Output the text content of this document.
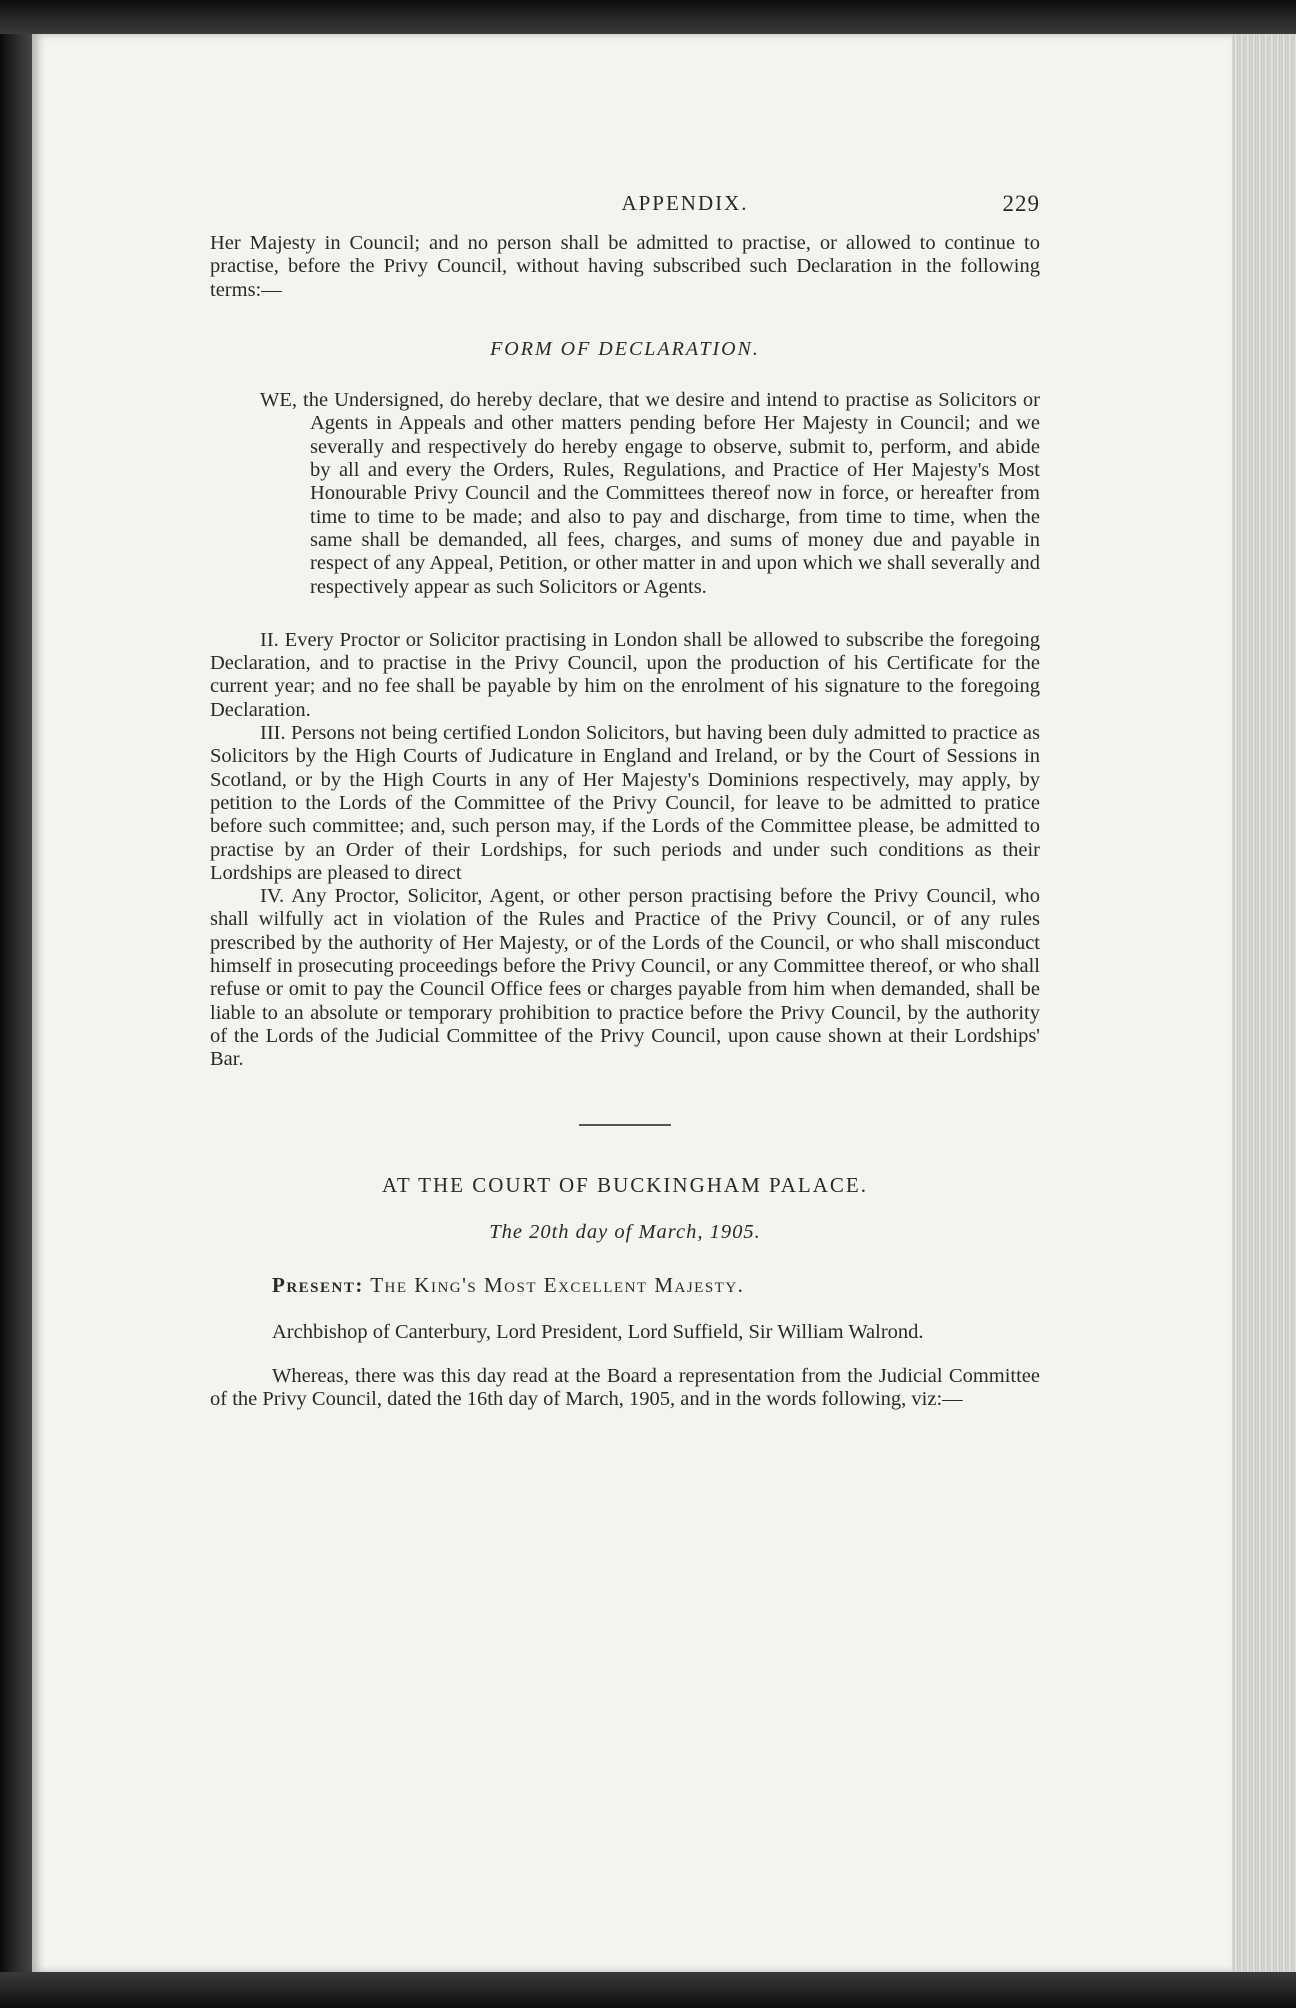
APPENDIX.	229

Her Majesty in Council; and no person shall be admitted to practise, or allowed to continue to practise, before the Privy Council, without having subscribed such Declaration in the following terms:—

FORM OF DECLARATION.

WE, the Undersigned, do hereby declare, that we desire and intend to practise as Solicitors or Agents in Appeals and other matters pending before Her Majesty in Council; and we severally and respectively do hereby engage to observe, submit to, perform, and abide by all and every the Orders, Rules, Regulations, and Practice of Her Majesty's Most Honourable Privy Council and the Committees thereof now in force, or hereafter from time to time to be made; and also to pay and discharge, from time to time, when the same shall be demanded, all fees, charges, and sums of money due and payable in respect of any Appeal, Petition, or other matter in and upon which we shall severally and respectively appear as such Solicitors or Agents.

II. Every Proctor or Solicitor practising in London shall be allowed to subscribe the foregoing Declaration, and to practise in the Privy Council, upon the production of his Certificate for the current year; and no fee shall be payable by him on the enrolment of his signature to the foregoing Declaration.

III. Persons not being certified London Solicitors, but having been duly admitted to practice as Solicitors by the High Courts of Judicature in England and Ireland, or by the Court of Sessions in Scotland, or by the High Courts in any of Her Majesty's Dominions respectively, may apply, by petition to the Lords of the Committee of the Privy Council, for leave to be admitted to pratice before such committee; and, such person may, if the Lords of the Committee please, be admitted to practise by an Order of their Lordships, for such periods and under such conditions as their Lordships are pleased to direct

IV. Any Proctor, Solicitor, Agent, or other person practising before the Privy Council, who shall wilfully act in violation of the Rules and Practice of the Privy Council, or of any rules prescribed by the authority of Her Majesty, or of the Lords of the Council, or who shall misconduct himself in prosecuting proceedings before the Privy Council, or any Committee thereof, or who shall refuse or omit to pay the Council Office fees or charges payable from him when demanded, shall be liable to an absolute or temporary prohibition to practice before the Privy Council, by the authority of the Lords of the Judicial Committee of the Privy Council, upon cause shown at their Lordships' Bar.

AT THE COURT OF BUCKINGHAM PALACE.
The 20th day of March, 1905.
Present: The King's Most Excellent Majesty.

Archbishop of Canterbury, Lord President, Lord Suffield, Sir William Walrond.

Whereas, there was this day read at the Board a representation from the Judicial Committee of the Privy Council, dated the 16th day of March, 1905, and in the words following, viz:—
